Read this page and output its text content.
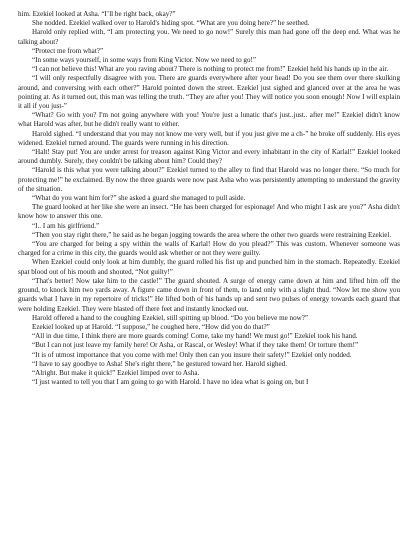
him. Ezekiel looked at Asha. “I’ll be right back, okay?”

She nodded. Ezekiel walked over to Harold's hiding spot. “What are you doing here?” he seethed.

Harold only replied with, “I am protecting you. We need to go now!” Surely this man had gone off the deep end. What was he talking about?

“Protect me from what?”

“In some ways yourself, in some ways from King Victor. Now we need to go!”

“I can not believe this! What are you raving about? There is nothing to protect me from!” Ezekiel held his hands up in the air.

“I will only respectfully disagree with you. There are guards everywhere after your head! Do you see them over there skulking around, and conversing with each other?” Harold pointed down the street. Ezekiel just sighed and glanced over at the area he was pointing at. As it turned out, this man was telling the truth. “They are after you! They will notice you soon enough! Now I will explain it all if you just-”

“What? Go with you? I'm not going anywhere with you! You're just a lunatic that's just..just.. after me!” Ezekiel didn't know what Harold was after, but he didn't really want to either.

Harold sighed. “I understand that you may not know me very well, but if you just give me a ch-” he broke off suddenly. His eyes widened. Ezekiel turned around. The guards were running in his direction.

“Halt! Stay put! You are under arrest for treason against King Victor and every inhabitant in the city of Karlal!” Ezekiel looked around dumbly. Surely, they couldn't be talking about him? Could they?

“Harold is this what you were talking about?” Ezekiel turned to the alley to find that Harold was no longer there. “So much for protecting me!” he exclaimed. By now the three guards were now past Asha who was persistently attempting to understand the gravity of the situation.

“What do you want him for?” she asked a guard she managed to pull aside.

The guard looked at her like she were an insect. “He has been charged for espionage! And who might I ask are you?” Asha didn't know how to answer this one.

“I.. I am his girlfriend.”

“Then you stay right there,” he said as he began jogging towards the area where the other two guards were restraining Ezekiel.

“You are charged for being a spy within the walls of Karlal! How do you plead?” This was custom. Whenever someone was charged for a crime in this city, the guards would ask whether or not they were guilty.

When Ezekiel could only look at him dumbly, the guard rolled his fist up and punched him in the stomach. Repeatedly. Ezekiel spat blood out of his mouth and shouted, “Not guilty!”

“That's better! Now take him to the castle!” The guard shouted. A surge of energy came down at him and lifted him off the ground, to knock him two yards away. A figure came down in front of them, to land only with a slight thud. “Now let me show you guards what I have in my repertoire of tricks!” He lifted both of his hands up and sent two pulses of energy towards each guard that were holding Ezekiel. They were blasted off there feet and instantly knocked out.

Harold offered a hand to the coughing Ezekiel, still spitting up blood. “Do you believe me now?”

Ezekiel looked up at Harold. “I suppose,” he coughed here, “How did you do that?”

“All in due time, I think there are more guards coming! Come, take my hand! We must go!” Ezekiel took his hand.

“But I can not just leave my family here! Or Asha, or Rascal, or Wesley! What if they take them! Or torture them!”

“It is of utmost importance that you come with me! Only then can you insure their safety!” Ezekiel only nodded.

“I have to say goodbye to Asha! She's right there,” he gestured toward her. Harold sighed.

“Alright. But make it quick!” Ezekiel limped over to Asha.

“I just wanted to tell you that I am going to go with Harold. I have no idea what is going on, but I
